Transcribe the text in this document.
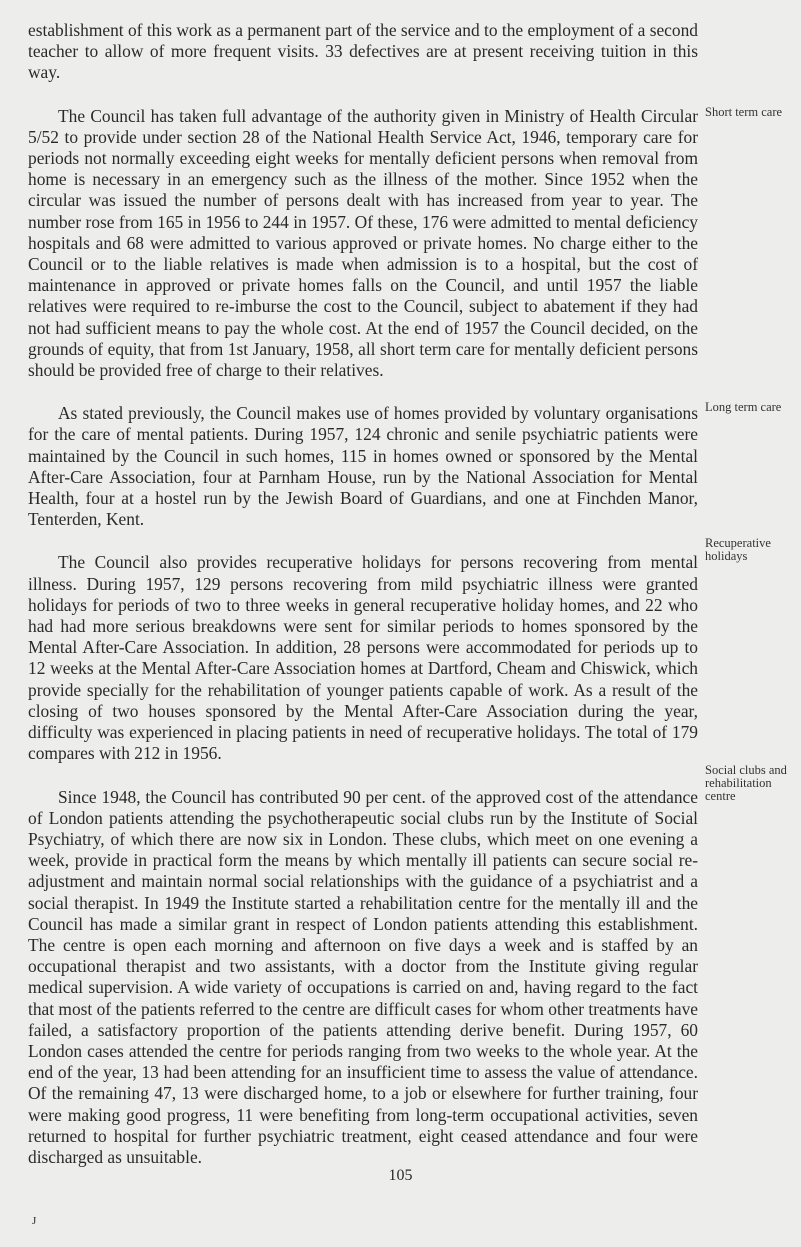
establishment of this work as a permanent part of the service and to the employment of a second teacher to allow of more frequent visits. 33 defectives are at present receiving tuition in this way.

The Council has taken full advantage of the authority given in Ministry of Health Circular 5/52 to provide under section 28 of the National Health Service Act, 1946, temporary care for periods not normally exceeding eight weeks for mentally deficient persons when removal from home is necessary in an emergency such as the illness of the mother. Since 1952 when the circular was issued the number of persons dealt with has increased from year to year. The number rose from 165 in 1956 to 244 in 1957. Of these, 176 were admitted to mental deficiency hospitals and 68 were admitted to various approved or private homes. No charge either to the Council or to the liable relatives is made when admission is to a hospital, but the cost of maintenance in approved or private homes falls on the Council, and until 1957 the liable relatives were required to re-imburse the cost to the Council, subject to abatement if they had not had sufficient means to pay the whole cost. At the end of 1957 the Council decided, on the grounds of equity, that from 1st January, 1958, all short term care for mentally deficient persons should be provided free of charge to their relatives.

As stated previously, the Council makes use of homes provided by voluntary organisations for the care of mental patients. During 1957, 124 chronic and senile psychiatric patients were maintained by the Council in such homes, 115 in homes owned or sponsored by the Mental After-Care Association, four at Parnham House, run by the National Association for Mental Health, four at a hostel run by the Jewish Board of Guardians, and one at Finchden Manor, Tenterden, Kent.

The Council also provides recuperative holidays for persons recovering from mental illness. During 1957, 129 persons recovering from mild psychiatric illness were granted holidays for periods of two to three weeks in general recuperative holiday homes, and 22 who had had more serious breakdowns were sent for similar periods to homes sponsored by the Mental After-Care Association. In addition, 28 persons were accommodated for periods up to 12 weeks at the Mental After-Care Association homes at Dartford, Cheam and Chiswick, which provide specially for the rehabilitation of younger patients capable of work. As a result of the closing of two houses sponsored by the Mental After-Care Association during the year, difficulty was experienced in placing patients in need of recuperative holidays. The total of 179 compares with 212 in 1956.

Since 1948, the Council has contributed 90 per cent. of the approved cost of the attendance of London patients attending the psychotherapeutic social clubs run by the Institute of Social Psychiatry, of which there are now six in London. These clubs, which meet on one evening a week, provide in practical form the means by which mentally ill patients can secure social re-adjustment and maintain normal social relationships with the guidance of a psychiatrist and a social therapist. In 1949 the Institute started a rehabilitation centre for the mentally ill and the Council has made a similar grant in respect of London patients attending this establishment. The centre is open each morning and afternoon on five days a week and is staffed by an occupational therapist and two assistants, with a doctor from the Institute giving regular medical supervision. A wide variety of occupations is carried on and, having regard to the fact that most of the patients referred to the centre are difficult cases for whom other treatments have failed, a satisfactory proportion of the patients attending derive benefit. During 1957, 60 London cases attended the centre for periods ranging from two weeks to the whole year. At the end of the year, 13 had been attending for an insufficient time to assess the value of attendance. Of the remaining 47, 13 were discharged home, to a job or elsewhere for further training, four were making good progress, 11 were benefiting from long-term occupational activities, seven returned to hospital for further psychiatric treatment, eight ceased attendance and four were discharged as unsuitable.

Short term care
Long term care
Recuperative holidays
Social clubs and rehabilitation centre
105
J
